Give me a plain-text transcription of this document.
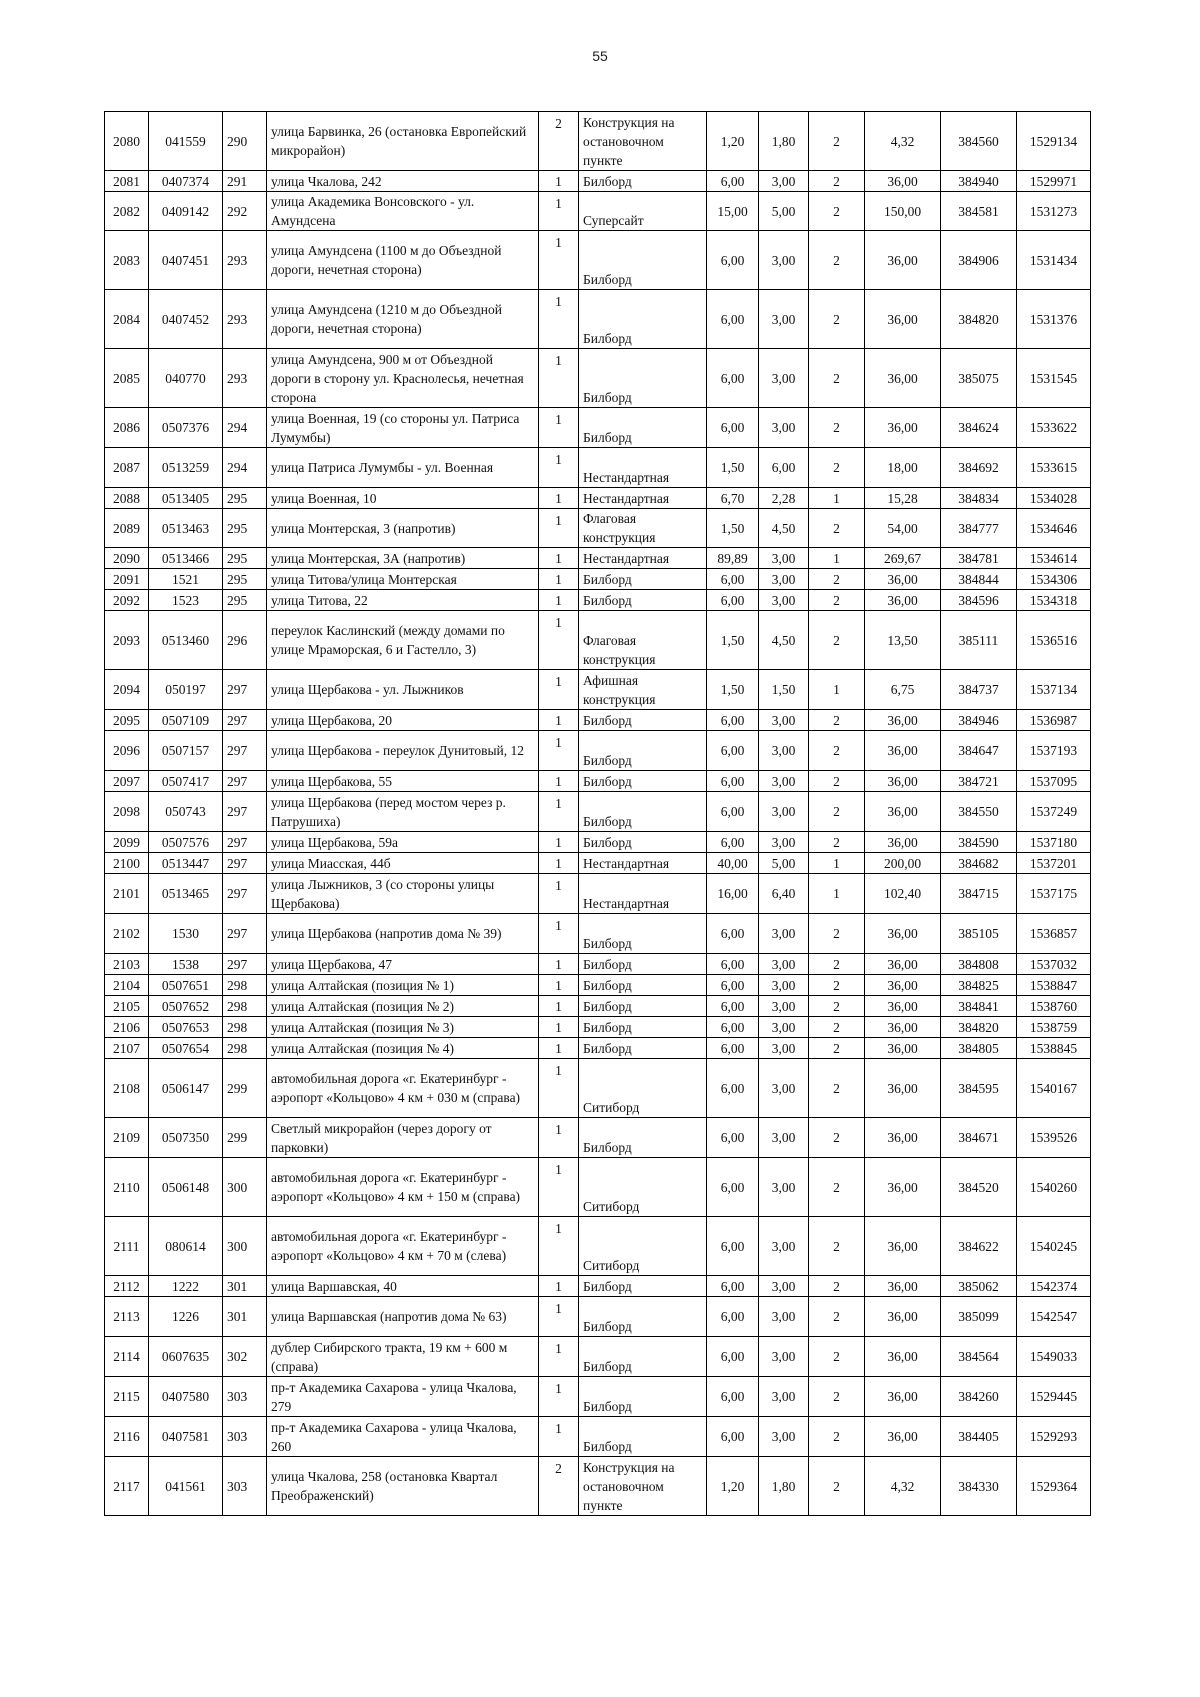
55
2080	041559	290	улица Барвинка, 26 (остановка Европейский микрорайон)	2	Конструкция на остановочном пункте	1,20	1,80	2	4,32	384560	1529134
2081	0407374	291	улица Чкалова, 242	1	Билборд	6,00	3,00	2	36,00	384940	1529971
2082	0409142	292	улица Академика Вонсовского - ул. Амундсена	1	Суперсайт	15,00	5,00	2	150,00	384581	1531273
2083	0407451	293	улица Амундсена (1100 м до Объездной дороги, нечетная сторона)	1	Билборд	6,00	3,00	2	36,00	384906	1531434
2084	0407452	293	улица Амундсена (1210 м до Объездной дороги, нечетная сторона)	1	Билборд	6,00	3,00	2	36,00	384820	1531376
2085	040770	293	улица Амундсена, 900 м от Объездной дороги в сторону ул. Краснолесья, нечетная сторона	1	Билборд	6,00	3,00	2	36,00	385075	1531545
2086	0507376	294	улица Военная, 19 (со стороны ул. Патриса Лумумбы)	1	Билборд	6,00	3,00	2	36,00	384624	1533622
2087	0513259	294	улица Патриса Лумумбы - ул. Военная	1	Нестандартная	1,50	6,00	2	18,00	384692	1533615
2088	0513405	295	улица Военная, 10	1	Нестандартная	6,70	2,28	1	15,28	384834	1534028
2089	0513463	295	улица Монтерская, 3 (напротив)	1	Флаговая конструкция	1,50	4,50	2	54,00	384777	1534646
2090	0513466	295	улица Монтерская, 3А (напротив)	1	Нестандартная	89,89	3,00	1	269,67	384781	1534614
2091	1521	295	улица Титова/улица Монтерская	1	Билборд	6,00	3,00	2	36,00	384844	1534306
2092	1523	295	улица Титова, 22	1	Билборд	6,00	3,00	2	36,00	384596	1534318
2093	0513460	296	переулок Каслинский (между домами по улице Мраморская, 6 и Гастелло, 3)	1	Флаговая конструкция	1,50	4,50	2	13,50	385111	1536516
2094	050197	297	улица Щербакова - ул. Лыжников	1	Афишная конструкция	1,50	1,50	1	6,75	384737	1537134
2095	0507109	297	улица Щербакова, 20	1	Билборд	6,00	3,00	2	36,00	384946	1536987
2096	0507157	297	улица Щербакова - переулок Дунитовый, 12	1	Билборд	6,00	3,00	2	36,00	384647	1537193
2097	0507417	297	улица Щербакова, 55	1	Билборд	6,00	3,00	2	36,00	384721	1537095
2098	050743	297	улица Щербакова (перед мостом через р. Патрушиха)	1	Билборд	6,00	3,00	2	36,00	384550	1537249
2099	0507576	297	улица Щербакова, 59а	1	Билборд	6,00	3,00	2	36,00	384590	1537180
2100	0513447	297	улица Миасская, 44б	1	Нестандартная	40,00	5,00	1	200,00	384682	1537201
2101	0513465	297	улица Лыжников, 3 (со стороны улицы Щербакова)	1	Нестандартная	16,00	6,40	1	102,40	384715	1537175
2102	1530	297	улица Щербакова (напротив дома № 39)	1	Билборд	6,00	3,00	2	36,00	385105	1536857
2103	1538	297	улица Щербакова, 47	1	Билборд	6,00	3,00	2	36,00	384808	1537032
2104	0507651	298	улица Алтайская (позиция № 1)	1	Билборд	6,00	3,00	2	36,00	384825	1538847
2105	0507652	298	улица Алтайская (позиция № 2)	1	Билборд	6,00	3,00	2	36,00	384841	1538760
2106	0507653	298	улица Алтайская (позиция № 3)	1	Билборд	6,00	3,00	2	36,00	384820	1538759
2107	0507654	298	улица Алтайская (позиция № 4)	1	Билборд	6,00	3,00	2	36,00	384805	1538845
2108	0506147	299	автомобильная дорога «г. Екатеринбург - аэропорт «Кольцово» 4 км + 030 м (справа)	1	Ситиборд	6,00	3,00	2	36,00	384595	1540167
2109	0507350	299	Светлый микрорайон (через дорогу от парковки)	1	Билборд	6,00	3,00	2	36,00	384671	1539526
2110	0506148	300	автомобильная дорога «г. Екатеринбург - аэропорт «Кольцово» 4 км + 150 м (справа)	1	Ситиборд	6,00	3,00	2	36,00	384520	1540260
2111	080614	300	автомобильная дорога «г. Екатеринбург - аэропорт «Кольцово» 4 км + 70 м (слева)	1	Ситиборд	6,00	3,00	2	36,00	384622	1540245
2112	1222	301	улица Варшавская, 40	1	Билборд	6,00	3,00	2	36,00	385062	1542374
2113	1226	301	улица Варшавская (напротив дома № 63)	1	Билборд	6,00	3,00	2	36,00	385099	1542547
2114	0607635	302	дублер Сибирского тракта, 19 км + 600 м (справа)	1	Билборд	6,00	3,00	2	36,00	384564	1549033
2115	0407580	303	пр-т Академика Сахарова - улица Чкалова, 279	1	Билборд	6,00	3,00	2	36,00	384260	1529445
2116	0407581	303	пр-т Академика Сахарова - улица Чкалова, 260	1	Билборд	6,00	3,00	2	36,00	384405	1529293
2117	041561	303	улица Чкалова, 258 (остановка Квартал Преображенский)	2	Конструкция на остановочном пункте	1,20	1,80	2	4,32	384330	1529364
